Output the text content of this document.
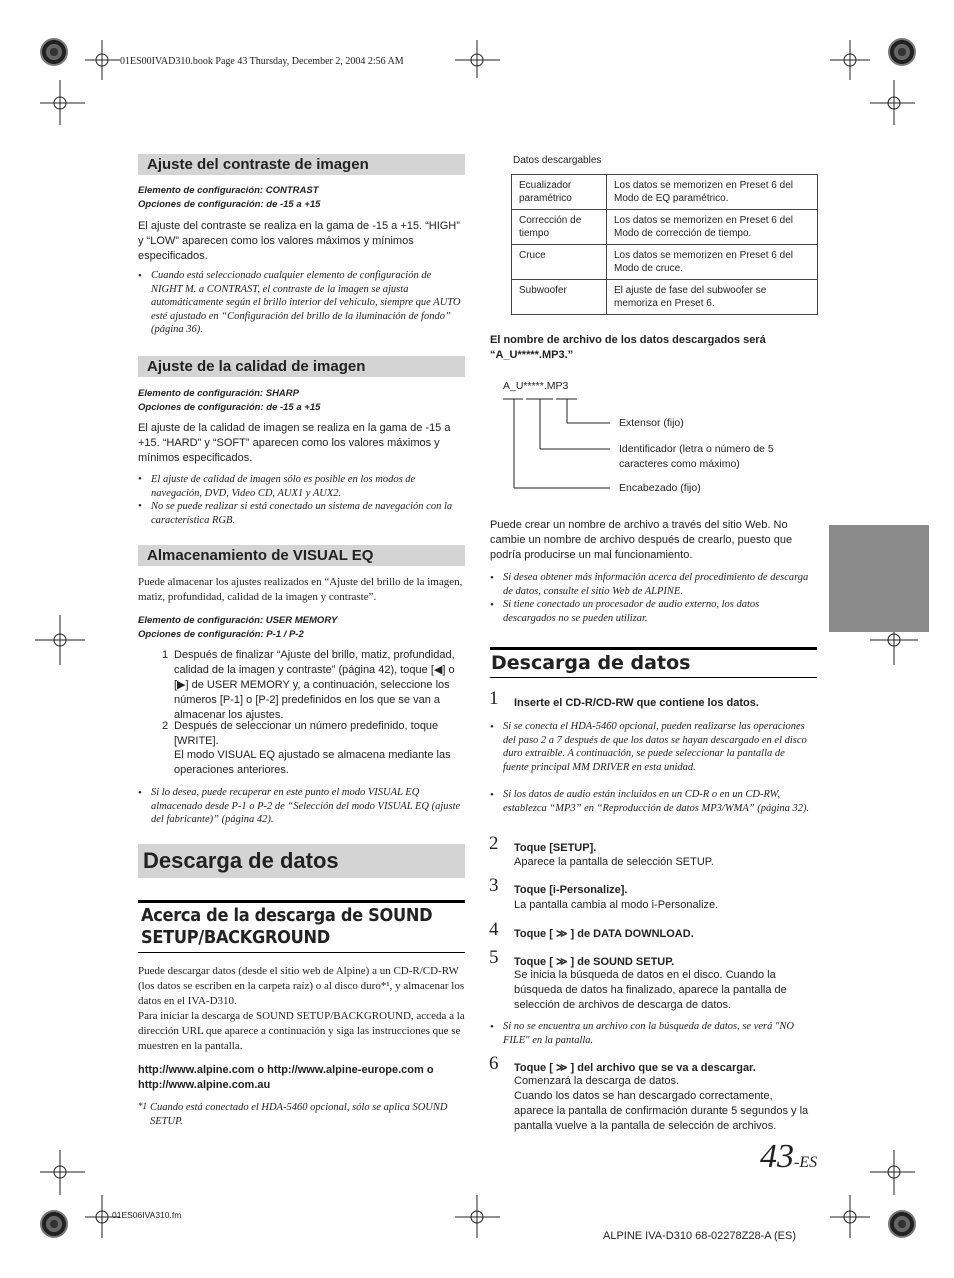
01ES00IVAD310.book Page 43 Thursday, December 2, 2004 2:56 AM
Ajuste del contraste de imagen
Elemento de configuración: CONTRAST
Opciones de configuración: de -15 a +15
El ajuste del contraste se realiza en la gama de -15 a +15. “HIGH” y “LOW” aparecen como los valores máximos y mínimos especificados.
• Cuando está seleccionado cualquier elemento de configuración de NIGHT M. a CONTRAST, el contraste de la imagen se ajusta automáticamente según el brillo interior del vehículo, siempre que AUTO esté ajustado en “Configuración del brillo de la iluminación de fondo” (página 36).
Ajuste de la calidad de imagen
Elemento de configuración: SHARP
Opciones de configuración: de -15 a +15
El ajuste de la calidad de imagen se realiza en la gama de -15 a +15. “HARD” y “SOFT” aparecen como los valores máximos y mínimos especificados.
• El ajuste de calidad de imagen sólo es posible en los modos de navegación, DVD, Video CD, AUX1 y AUX2.
• No se puede realizar si está conectado un sistema de navegación con la característica RGB.
Almacenamiento de VISUAL EQ
Puede almacenar los ajustes realizados en “Ajuste del brillo de la imagen, matiz, profundidad, calidad de la imagen y contraste”.
Elemento de configuración: USER MEMORY
Opciones de configuración: P-1 / P-2
1 Después de finalizar “Ajuste del brillo, matiz, profundidad, calidad de la imagen y contraste” (página 42), toque [◀] o [▶] de USER MEMORY y, a continuación, seleccione los números [P-1] o [P-2] predefinidos en los que se van a almacenar los ajustes.
2 Después de seleccionar un número predefinido, toque [WRITE].
El modo VISUAL EQ ajustado se almacena mediante las operaciones anteriores.
• Si lo desea, puede recuperar en este punto el modo VISUAL EQ almacenado desde P-1 o P-2 de “Selección del modo VISUAL EQ (ajuste del fabricante)” (página 42).
Descarga de datos
Acerca de la descarga de SOUND SETUP/BACKGROUND
Puede descargar datos (desde el sitio web de Alpine) a un CD-R/CD-RW (los datos se escriben en la carpeta raíz) o al disco duro*¹, y almacenar los datos en el IVA-D310.
Para iniciar la descarga de SOUND SETUP/BACKGROUND, acceda a la dirección URL que aparece a continuación y siga las instrucciones que se muestren en la pantalla.
http://www.alpine.com o http://www.alpine-europe.com o http://www.alpine.com.au
*1 Cuando está conectado el HDA-5460 opcional, sólo se aplica SOUND SETUP.
Datos descargables
Ecualizador paramétrico	Los datos se memorizen en Preset 6 del Modo de EQ paramétrico.
Corrección de tiempo	Los datos se memorizen en Preset 6 del Modo de corrección de tiempo.
Cruce	Los datos se memorizen en Preset 6 del Modo de cruce.
Subwoofer	El ajuste de fase del subwoofer se memoriza en Preset 6.
El nombre de archivo de los datos descargados será “A_U*****.MP3.”
A_U*****.MP3
Extensor (fijo)
Identificador (letra o número de 5 caracteres como máximo)
Encabezado (fijo)
Puede crear un nombre de archivo a través del sitio Web. No cambie un nombre de archivo después de crearlo, puesto que podría producirse un mal funcionamiento.
• Si desea obtener más información acerca del procedimiento de descarga de datos, consulte el sitio Web de ALPINE.
• Si tiene conectado un procesador de audio externo, los datos descargados no se pueden utilizar.
Descarga de datos
1 Inserte el CD-R/CD-RW que contiene los datos.
• Si se conecta el HDA-5460 opcional, pueden realizarse las operaciones del paso 2 a 7 después de que los datos se hayan descargado en el disco duro extraíble. A continuación, se puede seleccionar la pantalla de fuente principal MM DRIVER en esta unidad.
• Si los datos de audio están incluidos en un CD-R o en un CD-RW, establezca “MP3” en “Reproducción de datos MP3/WMA” (página 32).
2 Toque [SETUP].
Aparece la pantalla de selección SETUP.
3 Toque [i-Personalize].
La pantalla cambia al modo i-Personalize.
4 Toque [ ≫ ] de DATA DOWNLOAD.
5 Toque [ ≫ ] de SOUND SETUP.
Se inicia la búsqueda de datos en el disco. Cuando la búsqueda de datos ha finalizado, aparece la pantalla de selección de archivos de descarga de datos.
• Si no se encuentra un archivo con la búsqueda de datos, se verá "NO FILE" en la pantalla.
6 Toque [ ≫ ] del archivo que se va a descargar.
Comenzará la descarga de datos.
Cuando los datos se han descargado correctamente, aparece la pantalla de confirmación durante 5 segundos y la pantalla vuelve a la pantalla de selección de archivos.
43-ES
01ES06IVA310.fm
ALPINE IVA-D310 68-02278Z28-A (ES)
